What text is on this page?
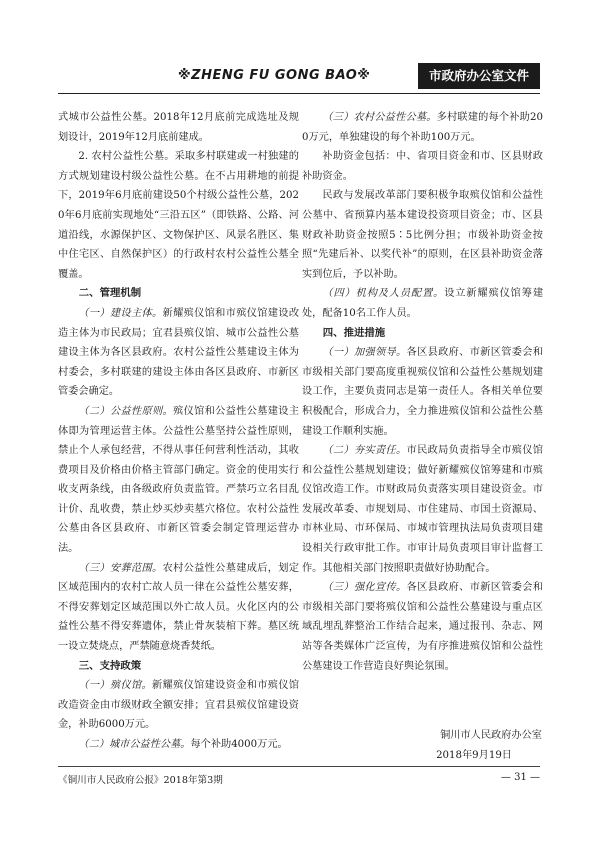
※ZHENG FU GONG BAO※	市政府办公室文件

式城市公益性公墓。2018年12月底前完成选址及规划设计，2019年12月底前建成。

2. 农村公益性公墓。采取多村联建或一村独建的方式规划建设村级公益性公墓。在不占用耕地的前提下，2019年6月底前建设50个村级公益性公墓，2020年6月底前实现地处“三沿五区”（即铁路、公路、河道沿线，水源保护区、文物保护区、风景名胜区、集中住宅区、自然保护区）的行政村农村公益性公墓全覆盖。

二、管理机制

（一）建设主体。新耀殡仪馆和市殡仪馆建设改造主体为市民政局；宜君县殡仪馆、城市公益性公墓建设主体为各区县政府。农村公益性公墓建设主体为村委会，多村联建的建设主体由各区县政府、市新区管委会确定。

（二）公益性原则。殡仪馆和公益性公墓建设主体即为管理运营主体。公益性公墓坚持公益性原则，禁止个人承包经营，不得从事任何营利性活动，其收费项目及价格由价格主管部门确定。资金的使用实行收支两条线，由各级政府负责监管。严禁巧立名目乱计价、乱收费，禁止炒买炒卖墓穴格位。农村公益性公墓由各区县政府、市新区管委会制定管理运营办法。

（三）安葬范围。农村公益性公墓建成后，划定区域范围内的农村亡故人员一律在公益性公墓安葬，不得安葬划定区域范围以外亡故人员。火化区内的公益性公墓不得安葬遗体，禁止骨灰装棺下葬。墓区统一设立焚烧点，严禁随意烧香焚纸。

三、支持政策

（一）殡仪馆。新耀殡仪馆建设资金和市殡仪馆改造资金由市级财政全额安排；宜君县殡仪馆建设资金，补助6000万元。

（二）城市公益性公墓。每个补助4000万元。

（三）农村公益性公墓。多村联建的每个补助200万元，单独建设的每个补助100万元。

补助资金包括：中、省项目资金和市、区县财政补助资金。

民政与发展改革部门要积极争取殡仪馆和公益性公墓中、省预算内基本建设投资项目资金；市、区县财政补助资金按照5∶5比例分担；市级补助资金按照“先建后补、以奖代补”的原则，在区县补助资金落实到位后，予以补助。

（四）机构及人员配置。设立新耀殡仪馆筹建处，配备10名工作人员。

四、推进措施

（一）加强领导。各区县政府、市新区管委会和市级相关部门要高度重视殡仪馆和公益性公墓规划建设工作，主要负责同志是第一责任人。各相关单位要积极配合，形成合力，全力推进殡仪馆和公益性公墓建设工作顺利实施。

（二）夯实责任。市民政局负责指导全市殡仪馆和公益性公墓规划建设；做好新耀殡仪馆筹建和市殡仪馆改造工作。市财政局负责落实项目建设资金。市发展改革委、市规划局、市住建局、市国土资源局、市林业局、市环保局、市城市管理执法局负责项目建设相关行政审批工作。市审计局负责项目审计监督工作。其他相关部门按照职责做好协助配合。

（三）强化宣传。各区县政府、市新区管委会和市级相关部门要将殡仪馆和公益性公墓建设与重点区域乱埋乱葬整治工作结合起来，通过报刊、杂志、网站等各类媒体广泛宣传，为有序推进殡仪馆和公益性公墓建设工作营造良好舆论氛围。

铜川市人民政府办公室
2018年9月19日
《铜川市人民政府公报》2018年第3期	— 31 —
